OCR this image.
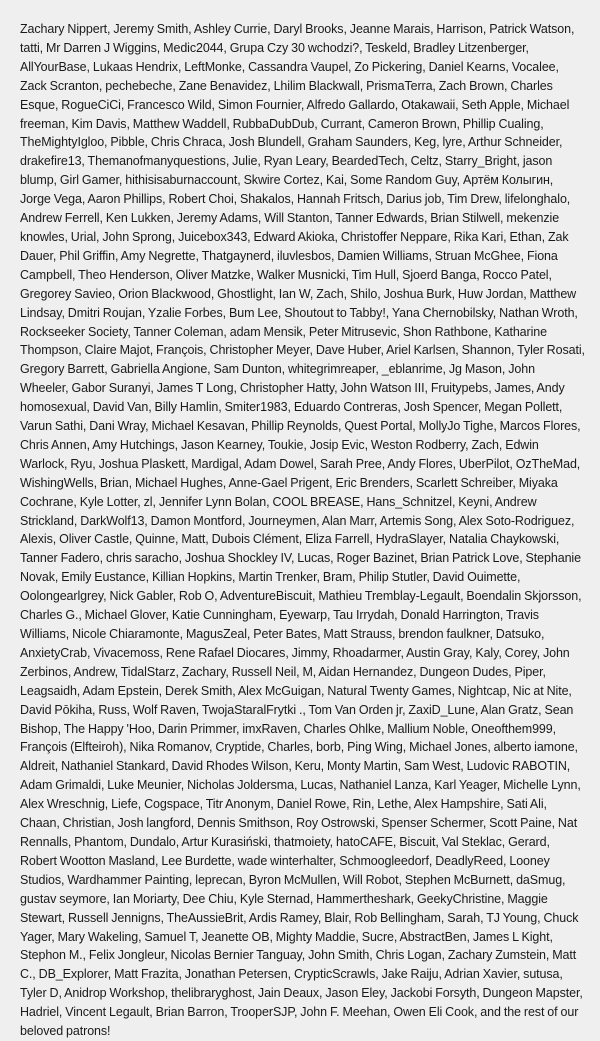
Zachary Nippert, Jeremy Smith, Ashley Currie, Daryl Brooks, Jeanne Marais, Harrison, Patrick Watson, tatti, Mr Darren J Wiggins, Medic2044, Grupa Czy 30 wchodzi?, Teskeld, Bradley Litzenberger, AllYourBase, Lukaas Hendrix, LeftMonke, Cassandra Vaupel, Zo Pickering, Daniel Kearns, Vocalee, Zack Scranton, pechebeche, Zane Benavidez, Lhilim Blackwall, PrismaTerra, Zach Brown, Charles Esque, RogueCiCi, Francesco Wild, Simon Fournier, Alfredo Gallardo, Otakawaii, Seth Apple, Michael freeman, Kim Davis, Matthew Waddell, RubbaDubDub, Currant, Cameron Brown, Phillip Cualing, TheMightyIgloo, Pibble, Chris Chraca, Josh Blundell, Graham Saunders, Keg, lyre, Arthur Schneider, drakefire13, Themanofmanyquestions, Julie, Ryan Leary, BeardedTech, Celtz, Starry_Bright, jason blump, Girl Gamer, hithisisaburnaccount, Skwire Cortez, Kai, Some Random Guy, Артём Колыгин, Jorge Vega, Aaron Phillips, Robert Choi, Shakalos, Hannah Fritsch, Darius job, Tim Drew, lifelonghalo, Andrew Ferrell, Ken Lukken, Jeremy Adams, Will Stanton, Tanner Edwards, Brian Stilwell, mekenzie knowles, Urial, John Sprong, Juicebox343, Edward Akioka, Christoffer Neppare, Rika Kari, Ethan, Zak Dauer, Phil Griffin, Amy Negrette, Thatgaynerd, iluvlesbos, Damien Williams, Struan McGhee, Fiona Campbell, Theo Henderson, Oliver Matzke, Walker Musnicki, Tim Hull, Sjoerd Banga, Rocco Patel, Gregorey Savieo, Orion Blackwood, Ghostlight, Ian W, Zach, Shilo, Joshua Burk, Huw Jordan, Matthew Lindsay, Dmitri Roujan, Yzalie Forbes, Bum Lee, Shoutout to Tabby!, Yana Chernobilsky, Nathan Wroth, Rockseeker Society, Tanner Coleman, adam Mensik, Peter Mitrusevic, Shon Rathbone, Katharine Thompson, Claire Majot, François, Christopher Meyer, Dave Huber, Ariel Karlsen, Shannon, Tyler Rosati, Gregory Barrett, Gabriella Angione, Sam Dunton, whitegrimreaper, _eblanrime, Jg Mason, John Wheeler, Gabor Suranyi, James T Long, Christopher Hatty, John Watson III, Fruitypebs, James, Andy homosexual, David Van, Billy Hamlin, Smiter1983, Eduardo Contreras, Josh Spencer, Megan Pollett, Varun Sathi, Dani Wray, Michael Kesavan, Phillip Reynolds, Quest Portal, MollyJo Tighe, Marcos Flores, Chris Annen, Amy Hutchings, Jason Kearney, Toukie, Josip Evic, Weston Rodberry, Zach, Edwin Warlock, Ryu, Joshua Plaskett, Mardigal, Adam Dowel, Sarah Pree, Andy Flores, UberPilot, OzTheMad, WishingWells, Brian, Michael Hughes, Anne-Gael Prigent, Eric Brenders, Scarlett Schreiber, Miyaka Cochrane, Kyle Lotter, zl, Jennifer Lynn Bolan, COOL BREASE, Hans_Schnitzel, Keyni, Andrew Strickland, DarkWolf13, Damon Montford, Journeymen, Alan Marr, Artemis Song, Alex Soto-Rodriguez, Alexis, Oliver Castle, Quinne, Matt, Dubois Clément, Eliza Farrell, HydraSlayer, Natalia Chaykowski, Tanner Fadero, chris saracho, Joshua Shockley IV, Lucas, Roger Bazinet, Brian Patrick Love, Stephanie Novak, Emily Eustance, Killian Hopkins, Martin Trenker, Bram, Philip Stutler, David Ouimette, Oolongearlgrey, Nick Gabler, Rob O, AdventureBiscuit, Mathieu Tremblay-Legault, Boendalin Skjorsson, Charles G., Michael Glover, Katie Cunningham, Eyewarp, Tau Irrydah, Donald Harrington, Travis Williams, Nicole Chiaramonte, MagusZeal, Peter Bates, Matt Strauss, brendon faulkner, Datsuko, AnxietyCrab, Vivacemoss, Rene Rafael Diocares, Jimmy, Rhoadarmer, Austin Gray, Kaly, Corey, John Zerbinos, Andrew, TidalStarz, Zachary, Russell Neil, M, Aidan Hernandez, Dungeon Dudes, Piper, Leagsaidh, Adam Epstein, Derek Smith, Alex McGuigan, Natural Twenty Games, Nightcap, Nic at Nite, David Pōkiha, Russ, Wolf Raven, TwojaStaralFrytki ., Tom Van Orden jr, ZaxiD_Lune, Alan Gratz, Sean Bishop, The Happy 'Hoo, Darin Primmer, imxRaven, Charles Ohlke, Mallium Noble, Oneofthem999, François (Elfteiroh), Nika Romanov, Cryptide, Charles, borb, Ping Wing, Michael Jones, alberto iamone, Aldreit, Nathaniel Stankard, David Rhodes Wilson, Keru, Monty Martin, Sam West, Ludovic RABOTIN, Adam Grimaldi, Luke Meunier, Nicholas Joldersma, Lucas, Nathaniel Lanza, Karl Yeager, Michelle Lynn, Alex Wreschnig, Liefe, Cogspace, Titr Anonym, Daniel Rowe, Rin, Lethe, Alex Hampshire, Sati Ali, Chaan, Christian, Josh langford, Dennis Smithson, Roy Ostrowski, Spenser Schermer, Scott Paine, Nat Rennalls, Phantom, Dundalo, Artur Kurasiński, thatmoiety, hatoCAFE, Biscuit, Val Steklac, Gerard, Robert Wootton Masland, Lee Burdette, wade winterhalter, Schmoogleedorf, DeadlyReed, Looney Studios, Wardhammer Painting, leprecan, Byron McMullen, Will Robot, Stephen McBurnett, daSmug, gustav seymore, Ian Moriarty, Dee Chiu, Kyle Sternad, Hammertheshark, GeekyChristine, Maggie Stewart, Russell Jennigns, TheAussieBrit, Ardis Ramey, Blair, Rob Bellingham, Sarah, TJ Young, Chuck Yager, Mary Wakeling, Samuel T, Jeanette OB, Mighty Maddie, Sucre, AbstractBen, James L Kight, Stephon M., Felix Jongleur, Nicolas Bernier Tanguay, John Smith, Chris Logan, Zachary Zumstein, Matt C., DB_Explorer, Matt Frazita, Jonathan Petersen, CrypticScrawls, Jake Raiju, Adrian Xavier, sutusa, Tyler D, Anidrop Workshop, thelibraryghost, Jain Deaux, Jason Eley, Jackobi Forsyth, Dungeon Mapster, Hadriel, Vincent Legault, Brian Barron, TrooperSJP, John F. Meehan, Owen Eli Cook, and the rest of our beloved patrons!
